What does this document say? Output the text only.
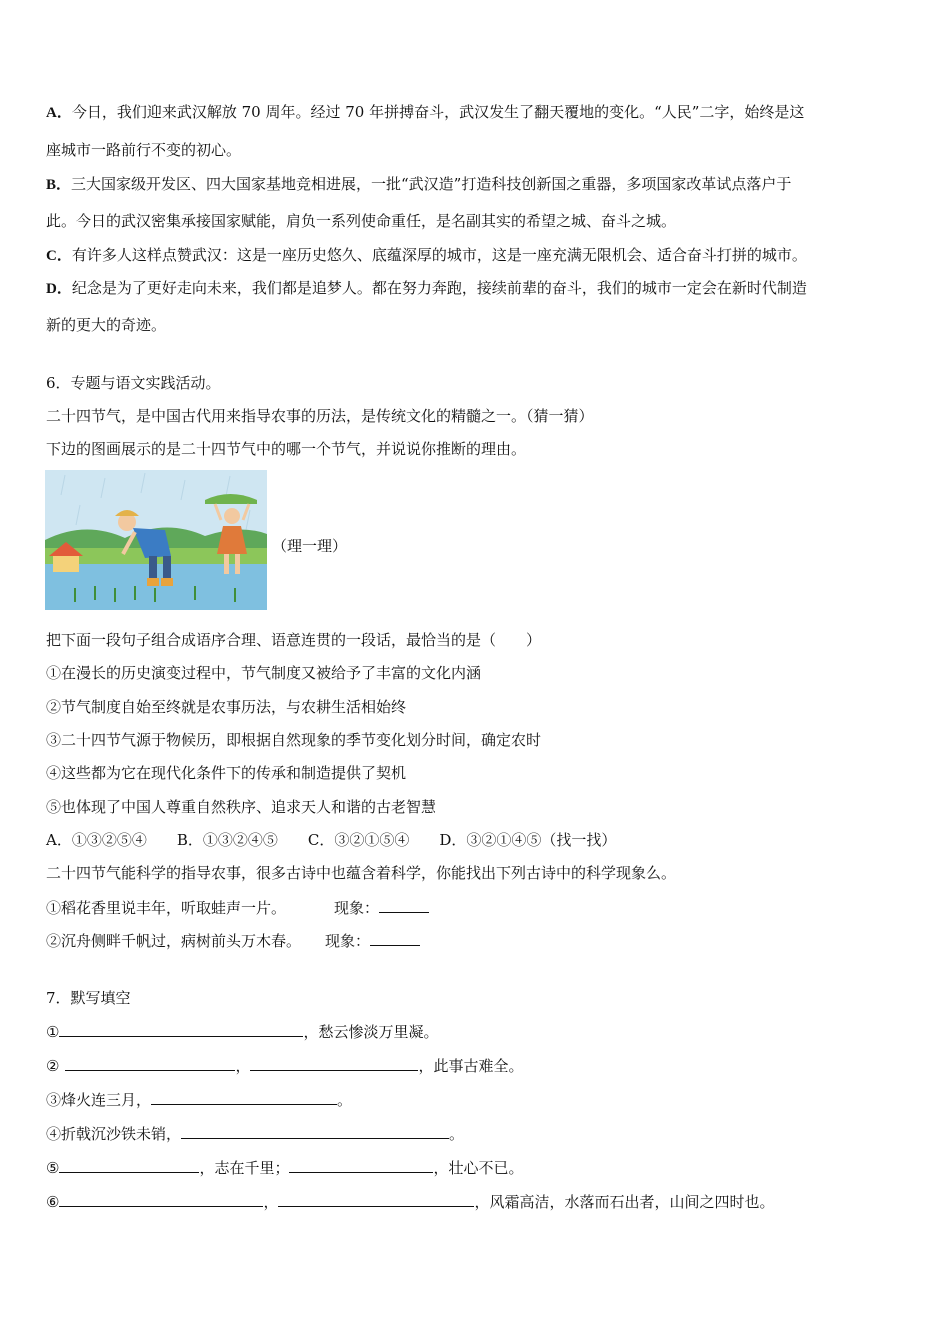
A．今日，我们迎来武汉解放 70 周年。经过 70 年拼搏奋斗，武汉发生了翻天覆地的变化。“人民”二字，始终是这
座城市一路前行不变的初心。
B．三大国家级开发区、四大国家基地竞相进展，一批“武汉造”打造科技创新国之重器，多项国家改革试点落户于
此。今日的武汉密集承接国家赋能，肩负一系列使命重任，是名副其实的希望之城、奋斗之城。
C．有许多人这样点赞武汉：这是一座历史悠久、底蕴深厚的城市，这是一座充满无限机会、适合奋斗打拼的城市。
D．纪念是为了更好走向未来，我们都是追梦人。都在努力奔跑，接续前辈的奋斗，我们的城市一定会在新时代制造
新的更大的奇迹。
6．专题与语文实践活动。
二十四节气，是中国古代用来指导农事的历法，是传统文化的精髓之一。（猜一猜）
下边的图画展示的是二十四节气中的哪一个节气，并说说你推断的理由。
（理一理）
把下面一段句子组合成语序合理、语意连贯的一段话，最恰当的是（　　）
①在漫长的历史演变过程中，节气制度又被给予了丰富的文化内涵
②节气制度自始至终就是农事历法，与农耕生活相始终
③二十四节气源于物候历，即根据自然现象的季节变化划分时间，确定农时
④这些都为它在现代化条件下的传承和制造提供了契机
⑤也体现了中国人尊重自然秩序、追求天人和谐的古老智慧
A．①③②⑤④ B．①③②④⑤ C．③②①⑤④ D．③②①④⑤（找一找）
二十四节气能科学的指导农事，很多古诗中也蕴含着科学，你能找出下列古诗中的科学现象么。
①稻花香里说丰年，听取蛙声一片。	现象：
②沉舟侧畔千帆过，病树前头万木春。 现象：
7．默写填空
①	，愁云惨淡万里凝。
②	，	，此事古难全。
③烽火连三月，	。
④折戟沉沙铁未销，	。
⑤	，志在千里；	，壮心不已。
⑥	，	，风霜高洁，水落而石出者，山间之四时也。
